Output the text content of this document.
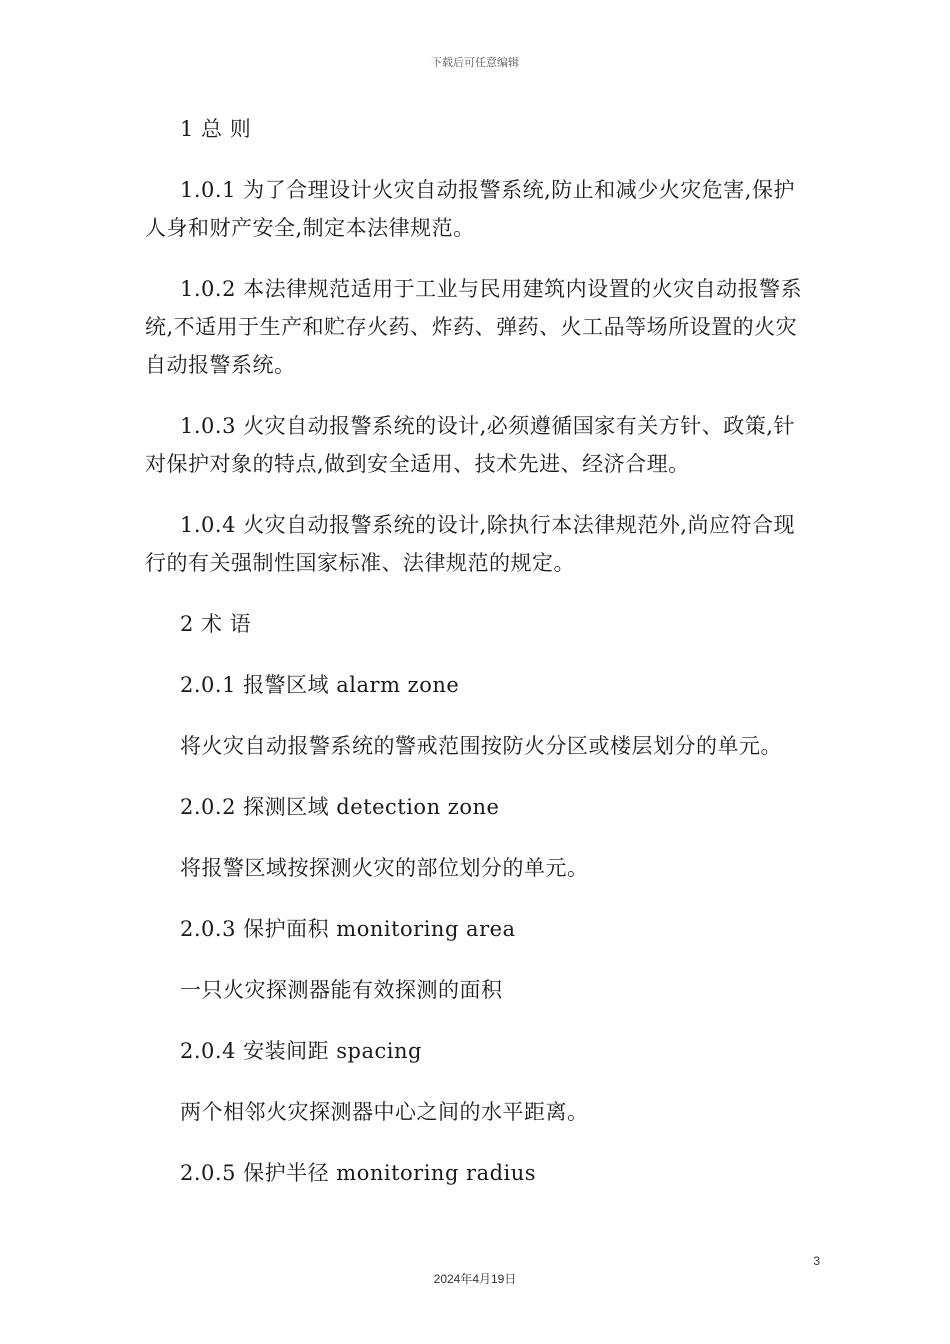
下载后可任意编辑

1 总 则

1.0.1 为了合理设计火灾自动报警系统,防止和减少火灾危害,保护人身和财产安全,制定本法律规范。

1.0.2 本法律规范适用于工业与民用建筑内设置的火灾自动报警系统,不适用于生产和贮存火药、炸药、弹药、火工品等场所设置的火灾自动报警系统。

1.0.3 火灾自动报警系统的设计,必须遵循国家有关方针、政策,针对保护对象的特点,做到安全适用、技术先进、经济合理。

1.0.4 火灾自动报警系统的设计,除执行本法律规范外,尚应符合现行的有关强制性国家标准、法律规范的规定。

2 术 语

2.0.1 报警区域 alarm zone

将火灾自动报警系统的警戒范围按防火分区或楼层划分的单元。

2.0.2 探测区域 detection zone

将报警区域按探测火灾的部位划分的单元。

2.0.3 保护面积 monitoring area

一只火灾探测器能有效探测的面积

2.0.4 安装间距 spacing

两个相邻火灾探测器中心之间的水平距离。

2.0.5 保护半径 monitoring radius

3
2024年4月19日
